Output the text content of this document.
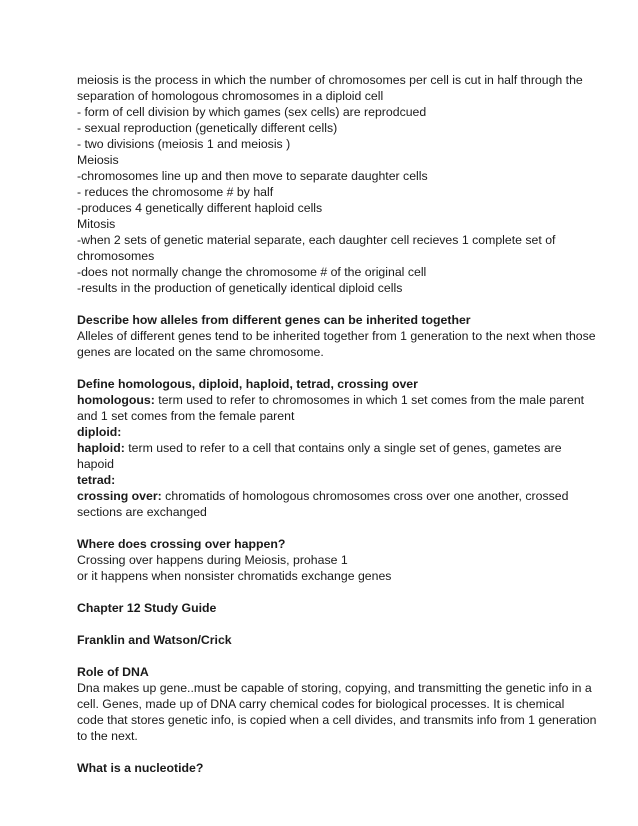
meiosis is the process in which the number of chromosomes per cell is cut in half through the

separation of homologous chromosomes in a diploid cell

- form of cell division by which games (sex cells) are reprodcued

- sexual reproduction (genetically different cells)

- two divisions (meiosis 1 and meiosis )

Meiosis

-chromosomes line up and then move to separate daughter cells

- reduces the chromosome # by half

-produces 4 genetically different haploid cells

Mitosis

-when 2 sets of genetic material separate, each daughter cell recieves 1 complete set of

chromosomes

-does not normally change the chromosome # of the original cell

-results in the production of genetically identical diploid cells

Describe how alleles from different genes can be inherited together

Alleles of different genes tend to be inherited together from 1 generation to the next when those

genes are located on the same chromosome.

Define homologous, diploid, haploid, tetrad, crossing over

homologous: term used to refer to chromosomes in which 1 set comes from the male parent

and 1 set comes from the female parent

diploid:

haploid: term used to refer to a cell that contains only a single set of genes, gametes are

hapoid

tetrad:

crossing over: chromatids of homologous chromosomes cross over one another, crossed

sections are exchanged

Where does crossing over happen?

Crossing over happens during Meiosis, prohase 1

or it happens when nonsister chromatids exchange genes

Chapter 12 Study Guide

Franklin and Watson/Crick

Role of DNA

Dna makes up gene..must be capable of storing, copying, and transmitting the genetic info in a

cell. Genes, made up of DNA carry chemical codes for biological processes. It is chemical

code that stores genetic info, is copied when a cell divides, and transmits info from 1 generation

to the next.

What is a nucleotide?
